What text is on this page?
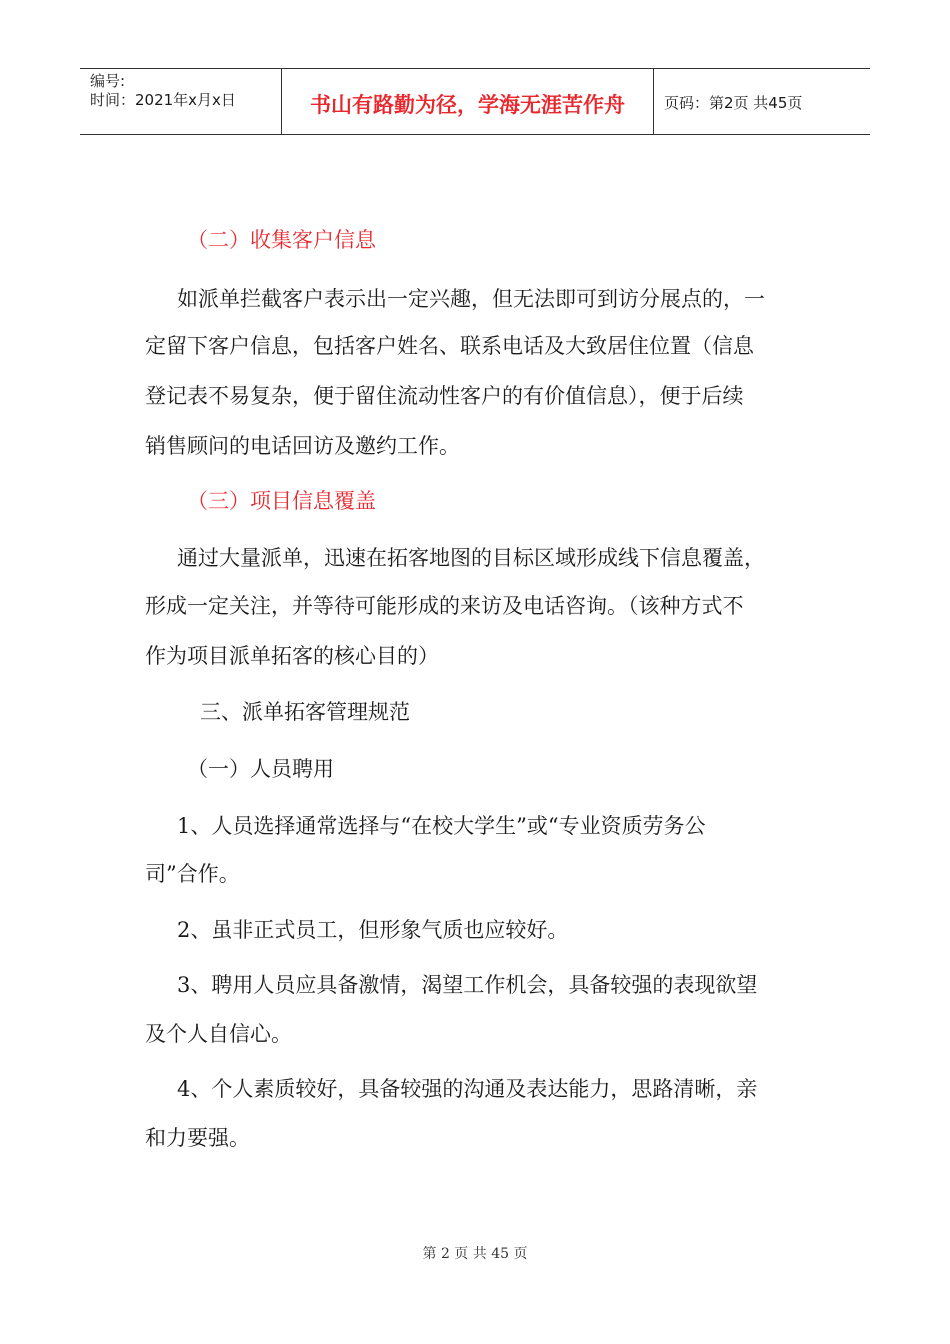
编号:
时间：2021年x月x日	书山有路勤为径，学海无涯苦作舟	页码：第2页 共45页
（二）收集客户信息
如派单拦截客户表示出一定兴趣，但无法即可到访分展点的，一
定留下客户信息，包括客户姓名、联系电话及大致居住位置（信息
登记表不易复杂，便于留住流动性客户的有价值信息），便于后续
销售顾问的电话回访及邀约工作。
（三）项目信息覆盖
通过大量派单，迅速在拓客地图的目标区域形成线下信息覆盖，
形成一定关注，并等待可能形成的来访及电话咨询。（该种方式不
作为项目派单拓客的核心目的）
三、派单拓客管理规范
（一）人员聘用
1、人员选择通常选择与“在校大学生”或“专业资质劳务公
司”合作。
2、虽非正式员工，但形象气质也应较好。
3、聘用人员应具备激情，渴望工作机会，具备较强的表现欲望
及个人自信心。
4、个人素质较好，具备较强的沟通及表达能力，思路清晰，亲
和力要强。
第 2 页 共 45 页
